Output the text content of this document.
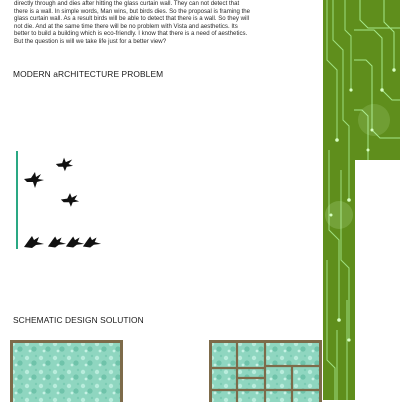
directly through and dies after hitting the glass curtain wall. They can not detect that
there is a wall. In simple words, Man wins, but birds dies. So the proposal is framing the
glass curtain wall. As a result birds will be able to detect that there is a wall. So they will
not die. And at the same time there will be no problem with Vista and aesthetics. Its
better to build a building which is eco-friendly. I know that there is a need of aesthetics.
But the question is will we take life just for a better view?

MODERN aRCHITECTURE PROBLEM
SCHEMATIC DESIGN SOLUTION
